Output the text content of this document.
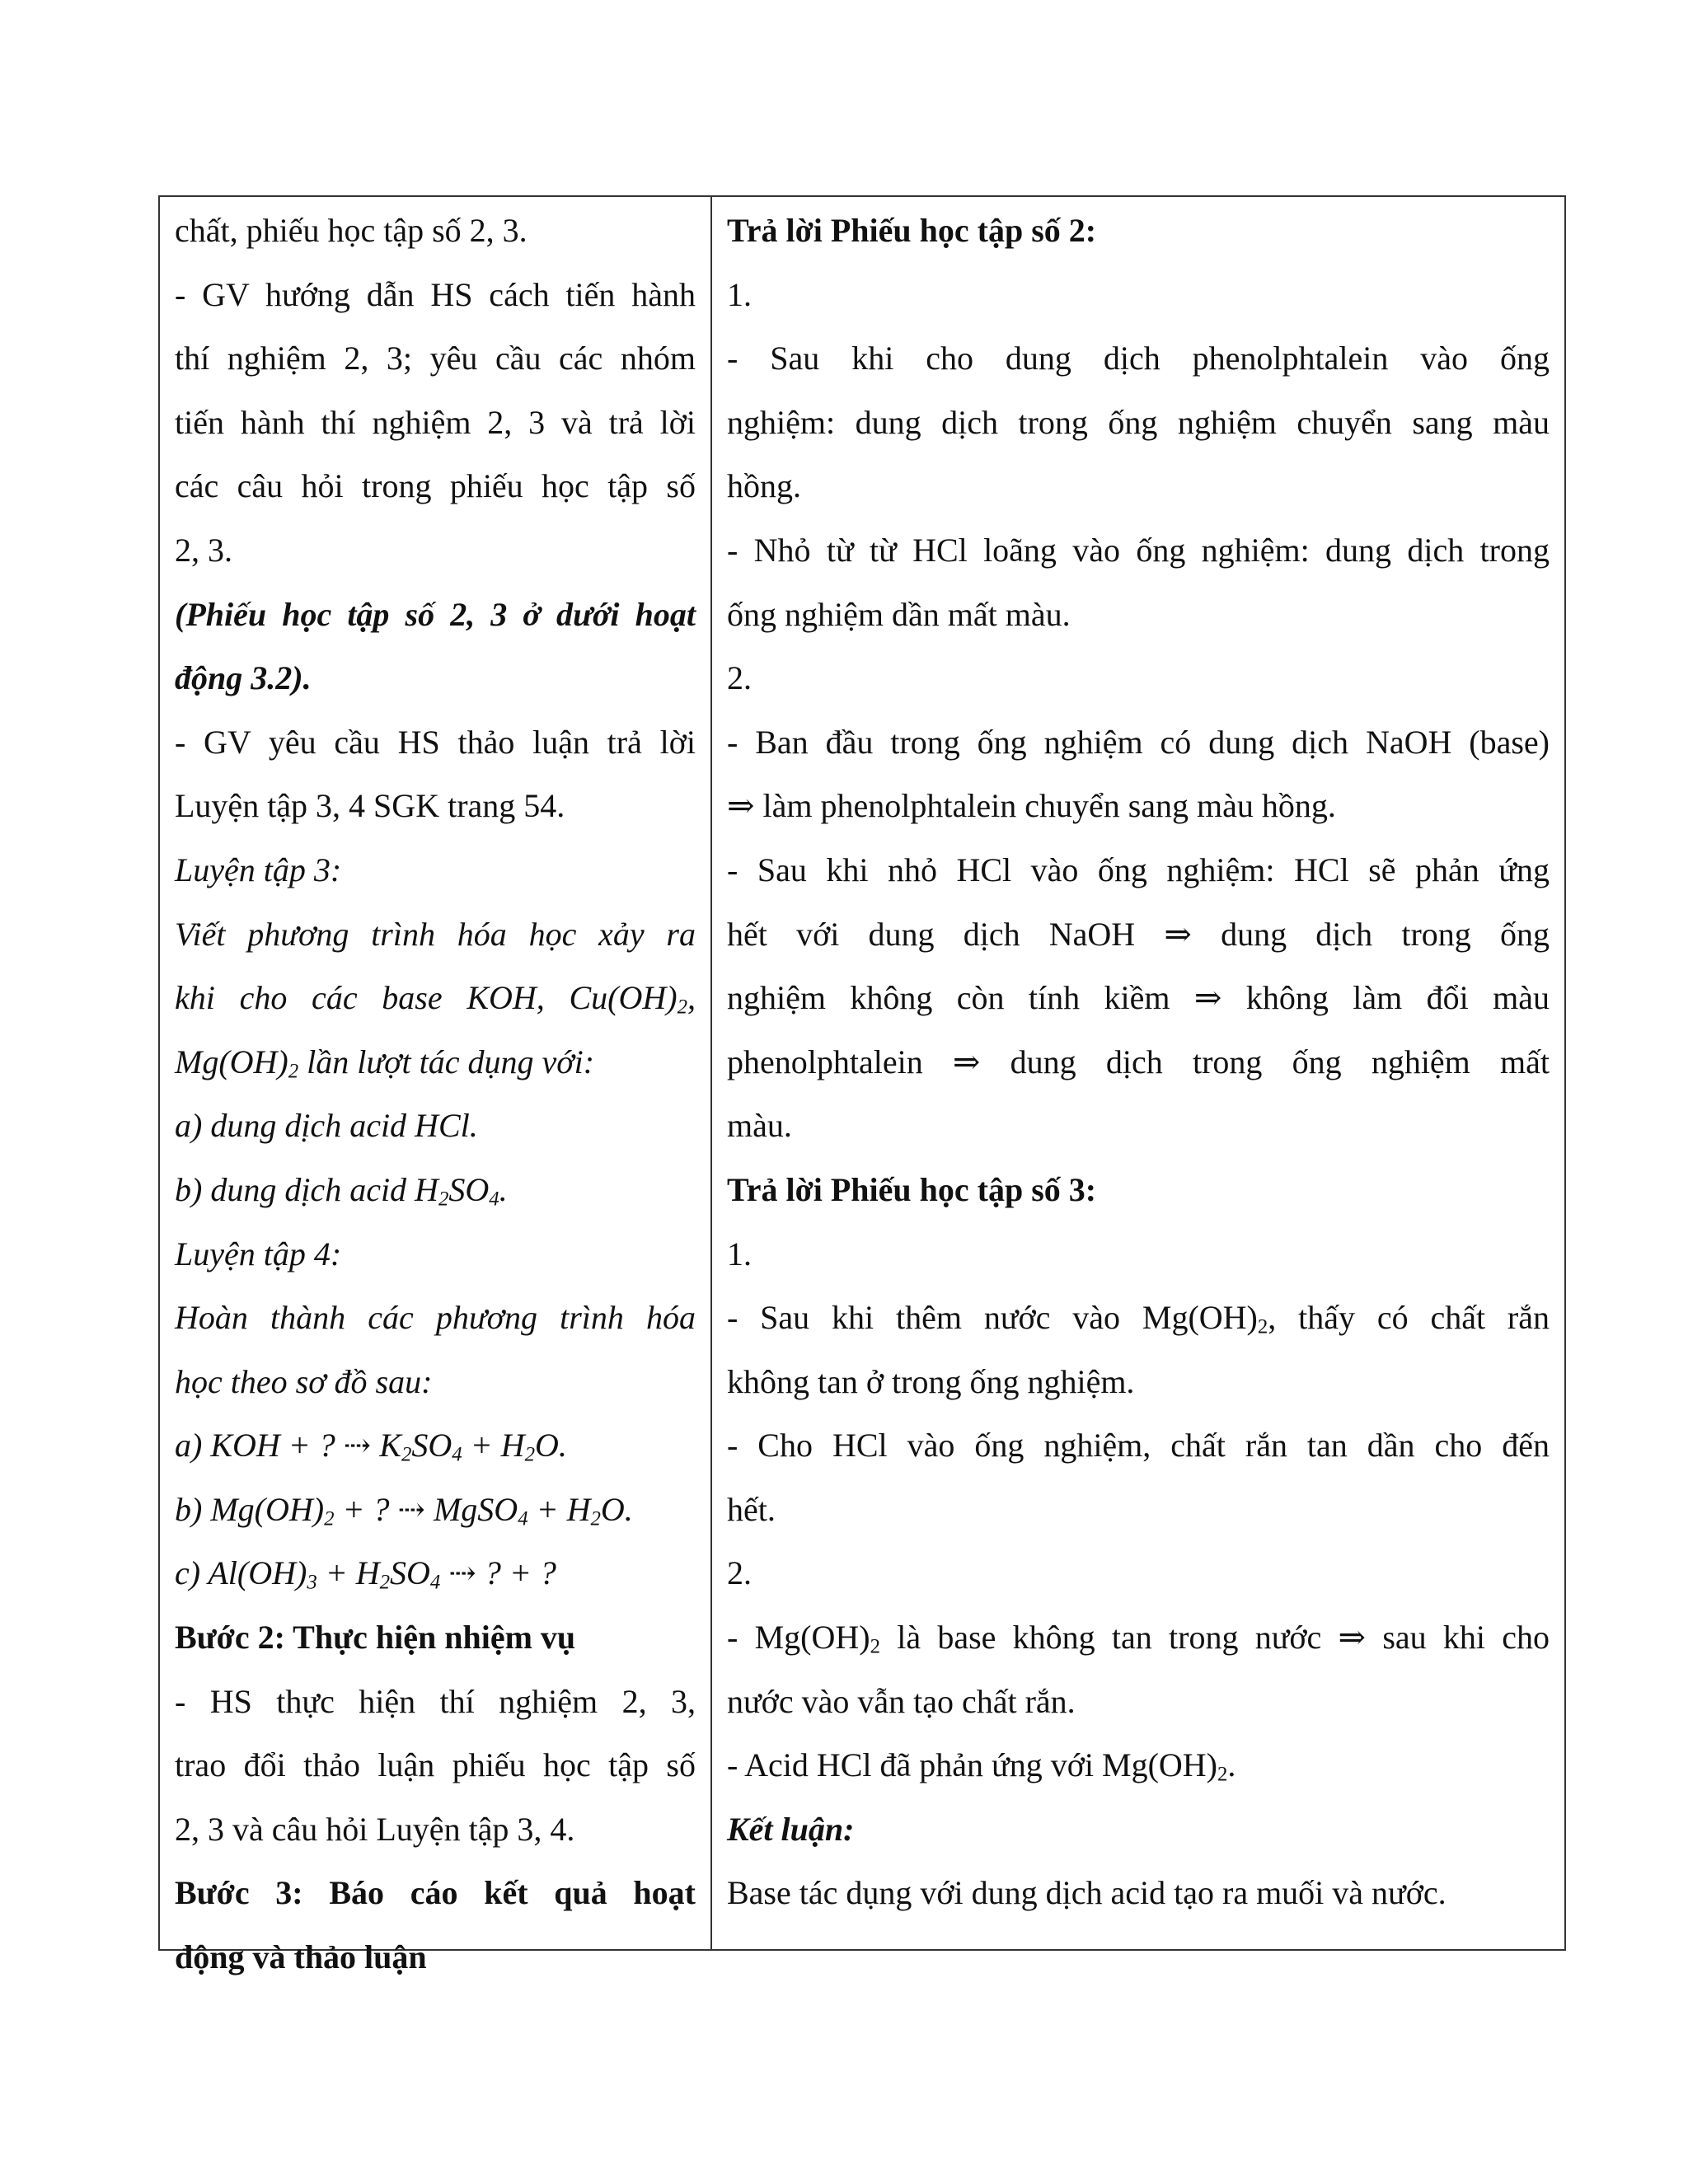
chất, phiếu học tập số 2, 3.
- GV hướng dẫn HS cách tiến hành
thí nghiệm 2, 3; yêu cầu các nhóm
tiến hành thí nghiệm 2, 3 và trả lời
các câu hỏi trong phiếu học tập số
2, 3.
(Phiếu học tập số 2, 3 ở dưới hoạt
động 3.2).
- GV yêu cầu HS thảo luận trả lời
Luyện tập 3, 4 SGK trang 54.
Luyện tập 3:
Viết phương trình hóa học xảy ra
khi cho các base KOH, $Cu(OH)_2$,
$Mg(OH)_2$ lần lượt tác dụng với:
a) dung dịch acid HCl.
b) dung dịch acid $H_2SO_4$.
Luyện tập 4:
Hoàn thành các phương trình hóa
học theo sơ đồ sau:
a) KOH + ? ⇢ $K_2SO_4 + H_2O$.
b) $Mg(OH)_2$ + ? ⇢ MgSO$_4$ + $H_2O$.
c) $Al(OH)_3 + H_2SO_4$ ⇢ ? + ?
Bước 2: Thực hiện nhiệm vụ
- HS thực hiện thí nghiệm 2, 3,
trao đổi thảo luận phiếu học tập số
2, 3 và câu hỏi Luyện tập 3, 4.
Bước 3: Báo cáo kết quả hoạt
động và thảo luận
Trả lời Phiếu học tập số 2:
1.
- Sau khi cho dung dịch phenolphtalein vào ống
nghiệm: dung dịch trong ống nghiệm chuyển sang màu
hồng.
- Nhỏ từ từ HCl loãng vào ống nghiệm: dung dịch trong
ống nghiệm dần mất màu.
2.
- Ban đầu trong ống nghiệm có dung dịch NaOH (base)
⇒ làm phenolphtalein chuyển sang màu hồng.
- Sau khi nhỏ HCl vào ống nghiệm: HCl sẽ phản ứng
hết với dung dịch NaOH ⇒ dung dịch trong ống
nghiệm không còn tính kiềm ⇒ không làm đổi màu
phenolphtalein ⇒ dung dịch trong ống nghiệm mất
màu.
Trả lời Phiếu học tập số 3:
1.
- Sau khi thêm nước vào $Mg(OH)_2$, thấy có chất rắn
không tan ở trong ống nghiệm.
- Cho HCl vào ống nghiệm, chất rắn tan dần cho đến
hết.
2.
- $Mg(OH)_2$ là base không tan trong nước ⇒ sau khi cho
nước vào vẫn tạo chất rắn.
- Acid HCl đã phản ứng với $Mg(OH)_2$.
Kết luận:
Base tác dụng với dung dịch acid tạo ra muối và nước.
